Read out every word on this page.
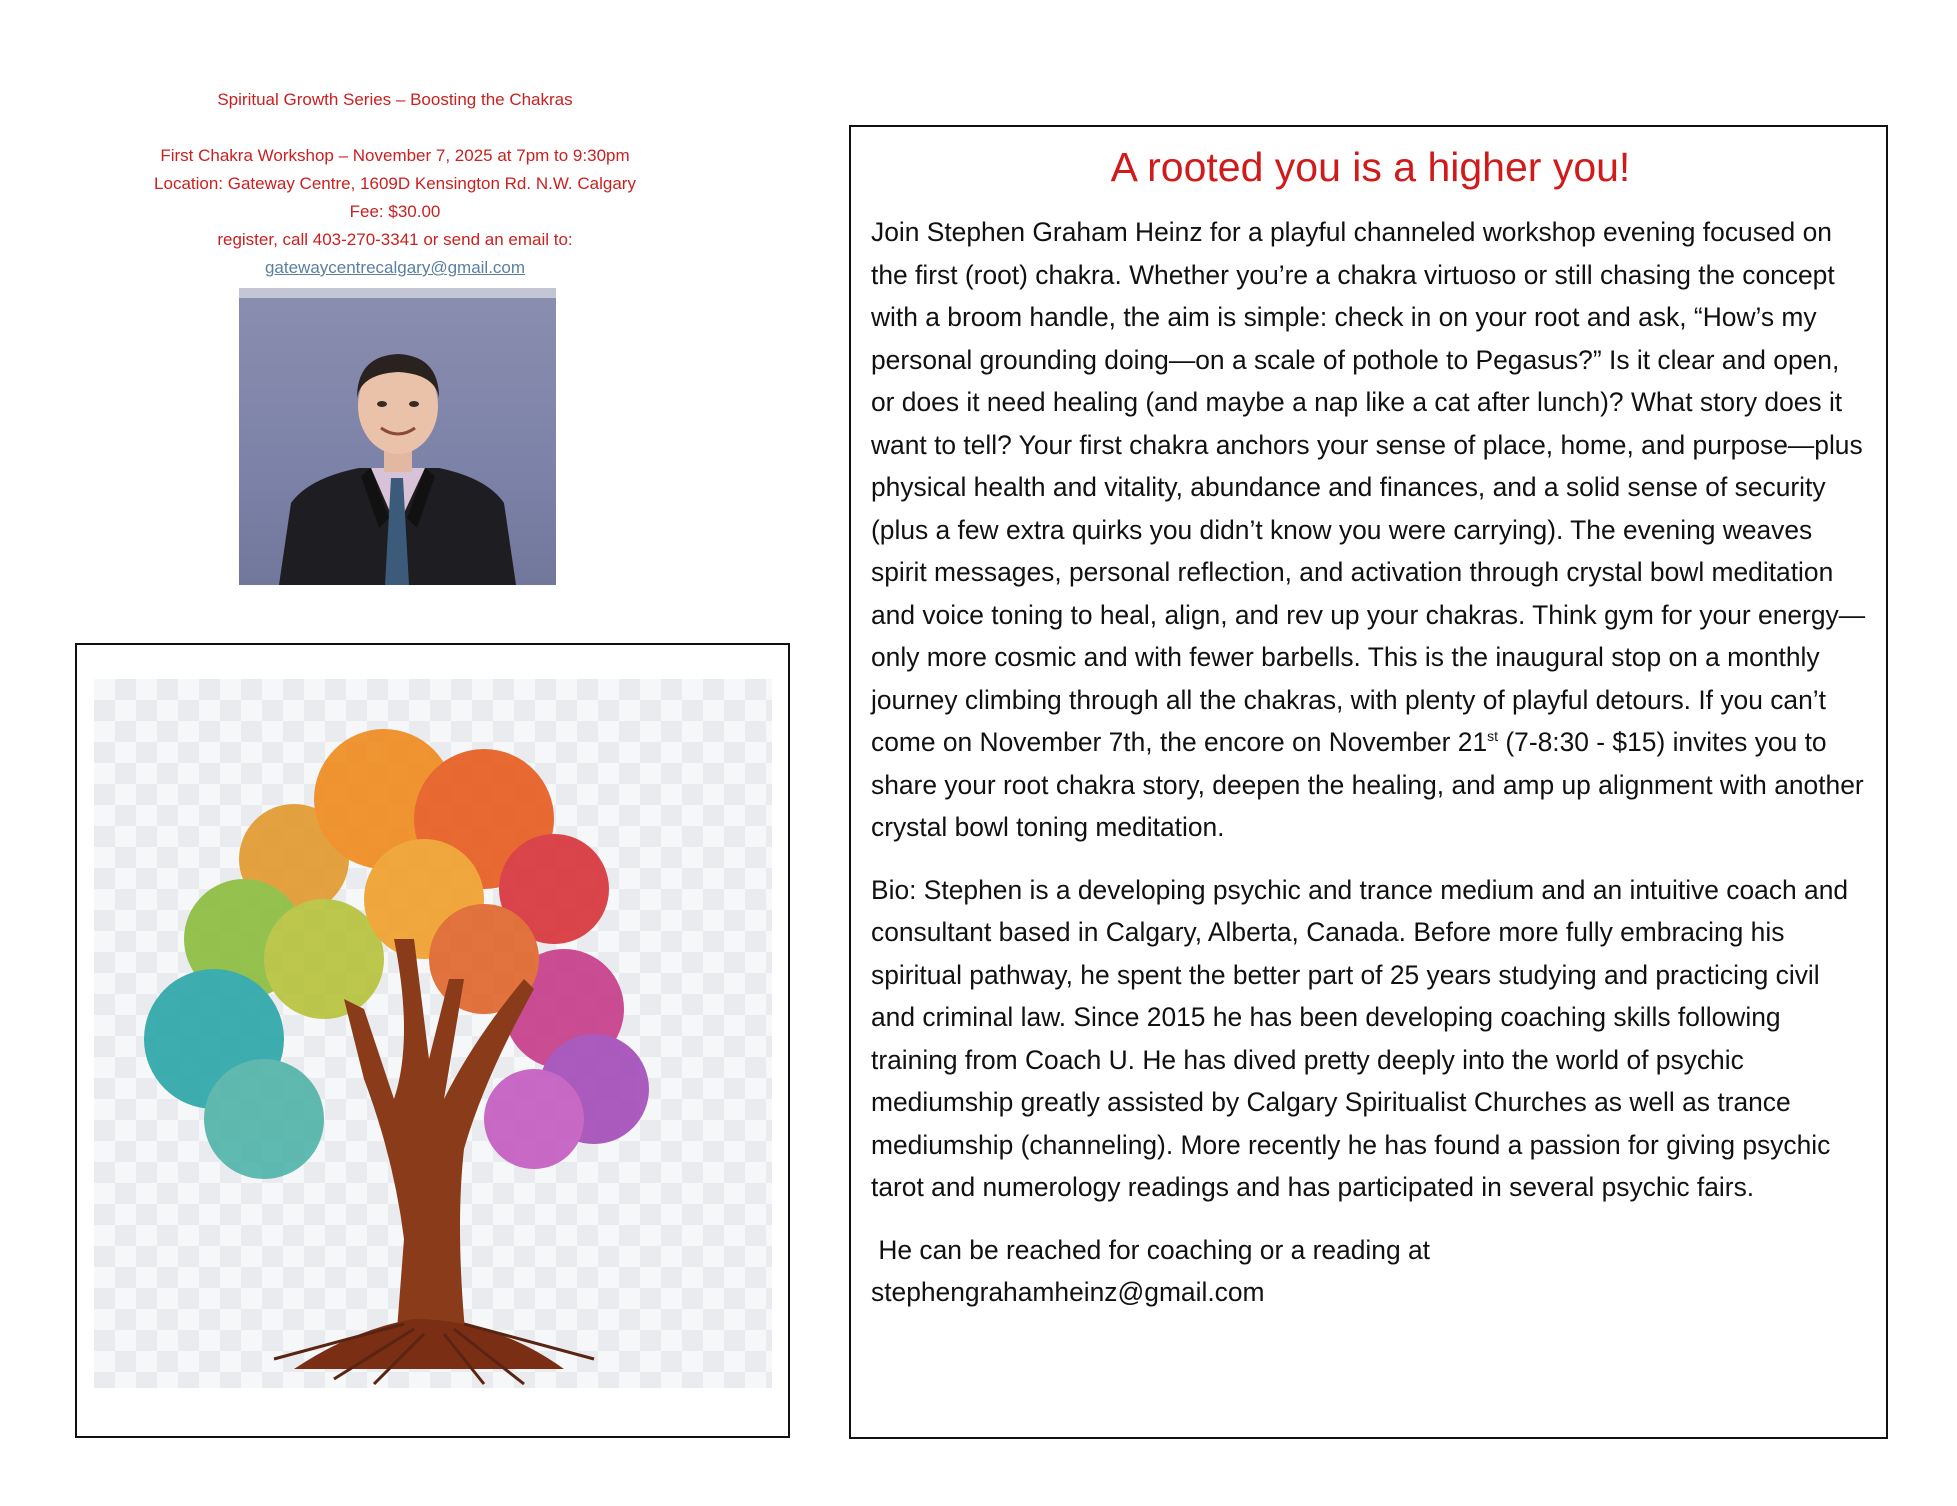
Spiritual Growth Series – Boosting the Chakras
First Chakra Workshop – November 7, 2025 at 7pm to 9:30pm
Location: Gateway Centre, 1609D Kensington Rd. N.W. Calgary
Fee: $30.00
register, call 403-270-3341 or send an email to:
gatewaycentrecalgary@gmail.com
A rooted you is a higher you!

Join Stephen Graham Heinz for a playful channeled workshop evening focused on the first (root) chakra. Whether you’re a chakra virtuoso or still chasing the concept with a broom handle, the aim is simple: check in on your root and ask, “How’s my personal grounding doing—on a scale of pothole to Pegasus?” Is it clear and open, or does it need healing (and maybe a nap like a cat after lunch)? What story does it want to tell? Your first chakra anchors your sense of place, home, and purpose—plus physical health and vitality, abundance and finances, and a solid sense of security (plus a few extra quirks you didn’t know you were carrying). The evening weaves spirit messages, personal reflection, and activation through crystal bowl meditation and voice toning to heal, align, and rev up your chakras. Think gym for your energy—only more cosmic and with fewer barbells. This is the inaugural stop on a monthly journey climbing through all the chakras, with plenty of playful detours. If you can’t come on November 7th, the encore on November 21st (7-8:30 - $15) invites you to share your root chakra story, deepen the healing, and amp up alignment with another crystal bowl toning meditation.

Bio: Stephen is a developing psychic and trance medium and an intuitive coach and consultant based in Calgary, Alberta, Canada. Before more fully embracing his spiritual pathway, he spent the better part of 25 years studying and practicing civil and criminal law. Since 2015 he has been developing coaching skills following training from Coach U. He has dived pretty deeply into the world of psychic mediumship greatly assisted by Calgary Spiritualist Churches as well as trance mediumship (channeling). More recently he has found a passion for giving psychic tarot and numerology readings and has participated in several psychic fairs.

He can be reached for coaching or a reading at
stephengrahamheinz@gmail.com
